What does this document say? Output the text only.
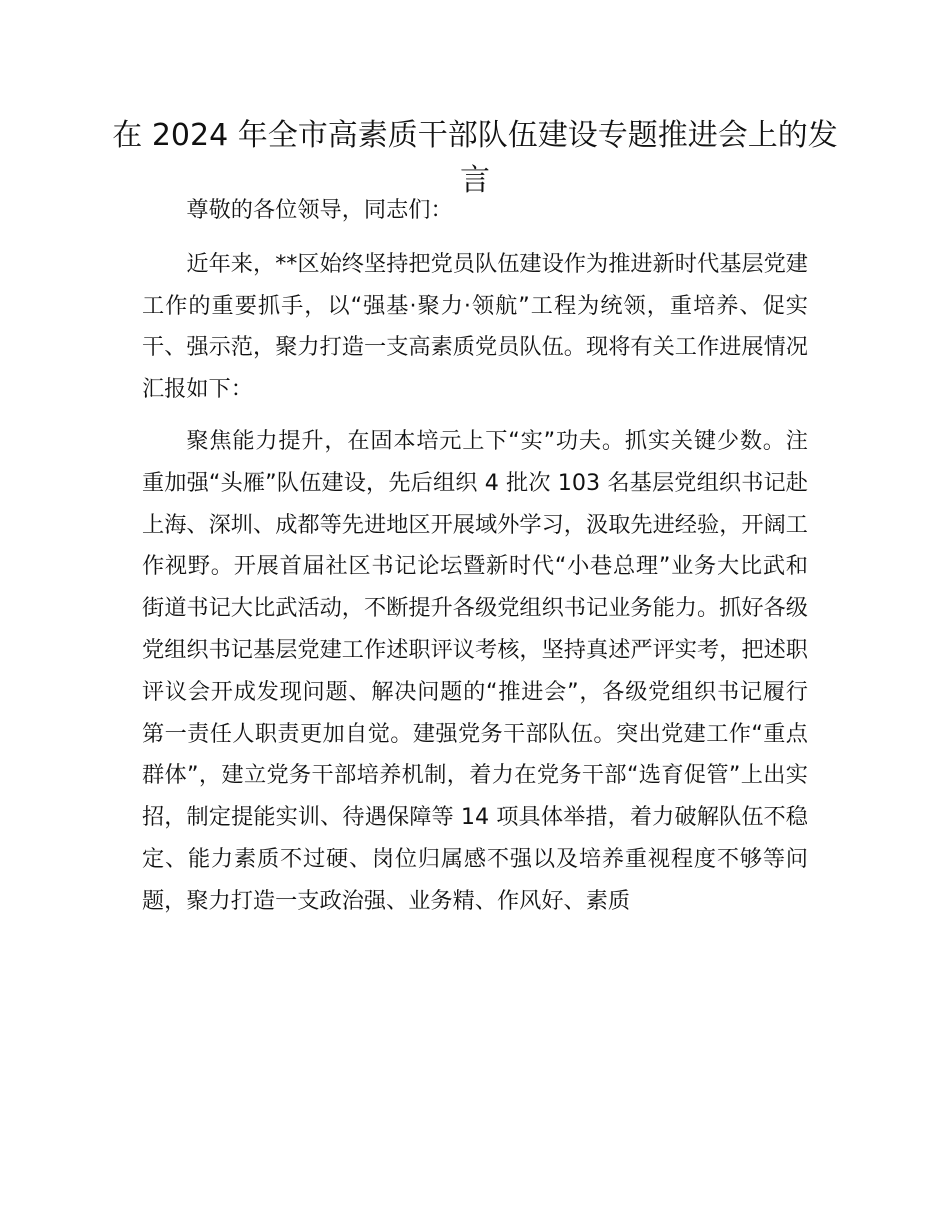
在 2024 年全市高素质干部队伍建设专题推进会上的发言

尊敬的各位领导，同志们：

近年来，**区始终坚持把党员队伍建设作为推进新时代基层党建工作的重要抓手，以“强基·聚力·领航”工程为统领，重培养、促实干、强示范，聚力打造一支高素质党员队伍。现将有关工作进展情况汇报如下：

聚焦能力提升，在固本培元上下“实”功夫。抓实关键少数。注重加强“头雁”队伍建设，先后组织 4 批次 103 名基层党组织书记赴上海、深圳、成都等先进地区开展域外学习，汲取先进经验，开阔工作视野。开展首届社区书记论坛暨新时代“小巷总理”业务大比武和街道书记大比武活动，不断提升各级党组织书记业务能力。抓好各级党组织书记基层党建工作述职评议考核，坚持真述严评实考，把述职评议会开成发现问题、解决问题的“推进会”，各级党组织书记履行第一责任人职责更加自觉。建强党务干部队伍。突出党建工作“重点群体”，建立党务干部培养机制，着力在党务干部“选育促管”上出实招，制定提能实训、待遇保障等 14 项具体举措，着力破解队伍不稳定、能力素质不过硬、岗位归属感不强以及培养重视程度不够等问题，聚力打造一支政治强、业务精、作风好、素质
